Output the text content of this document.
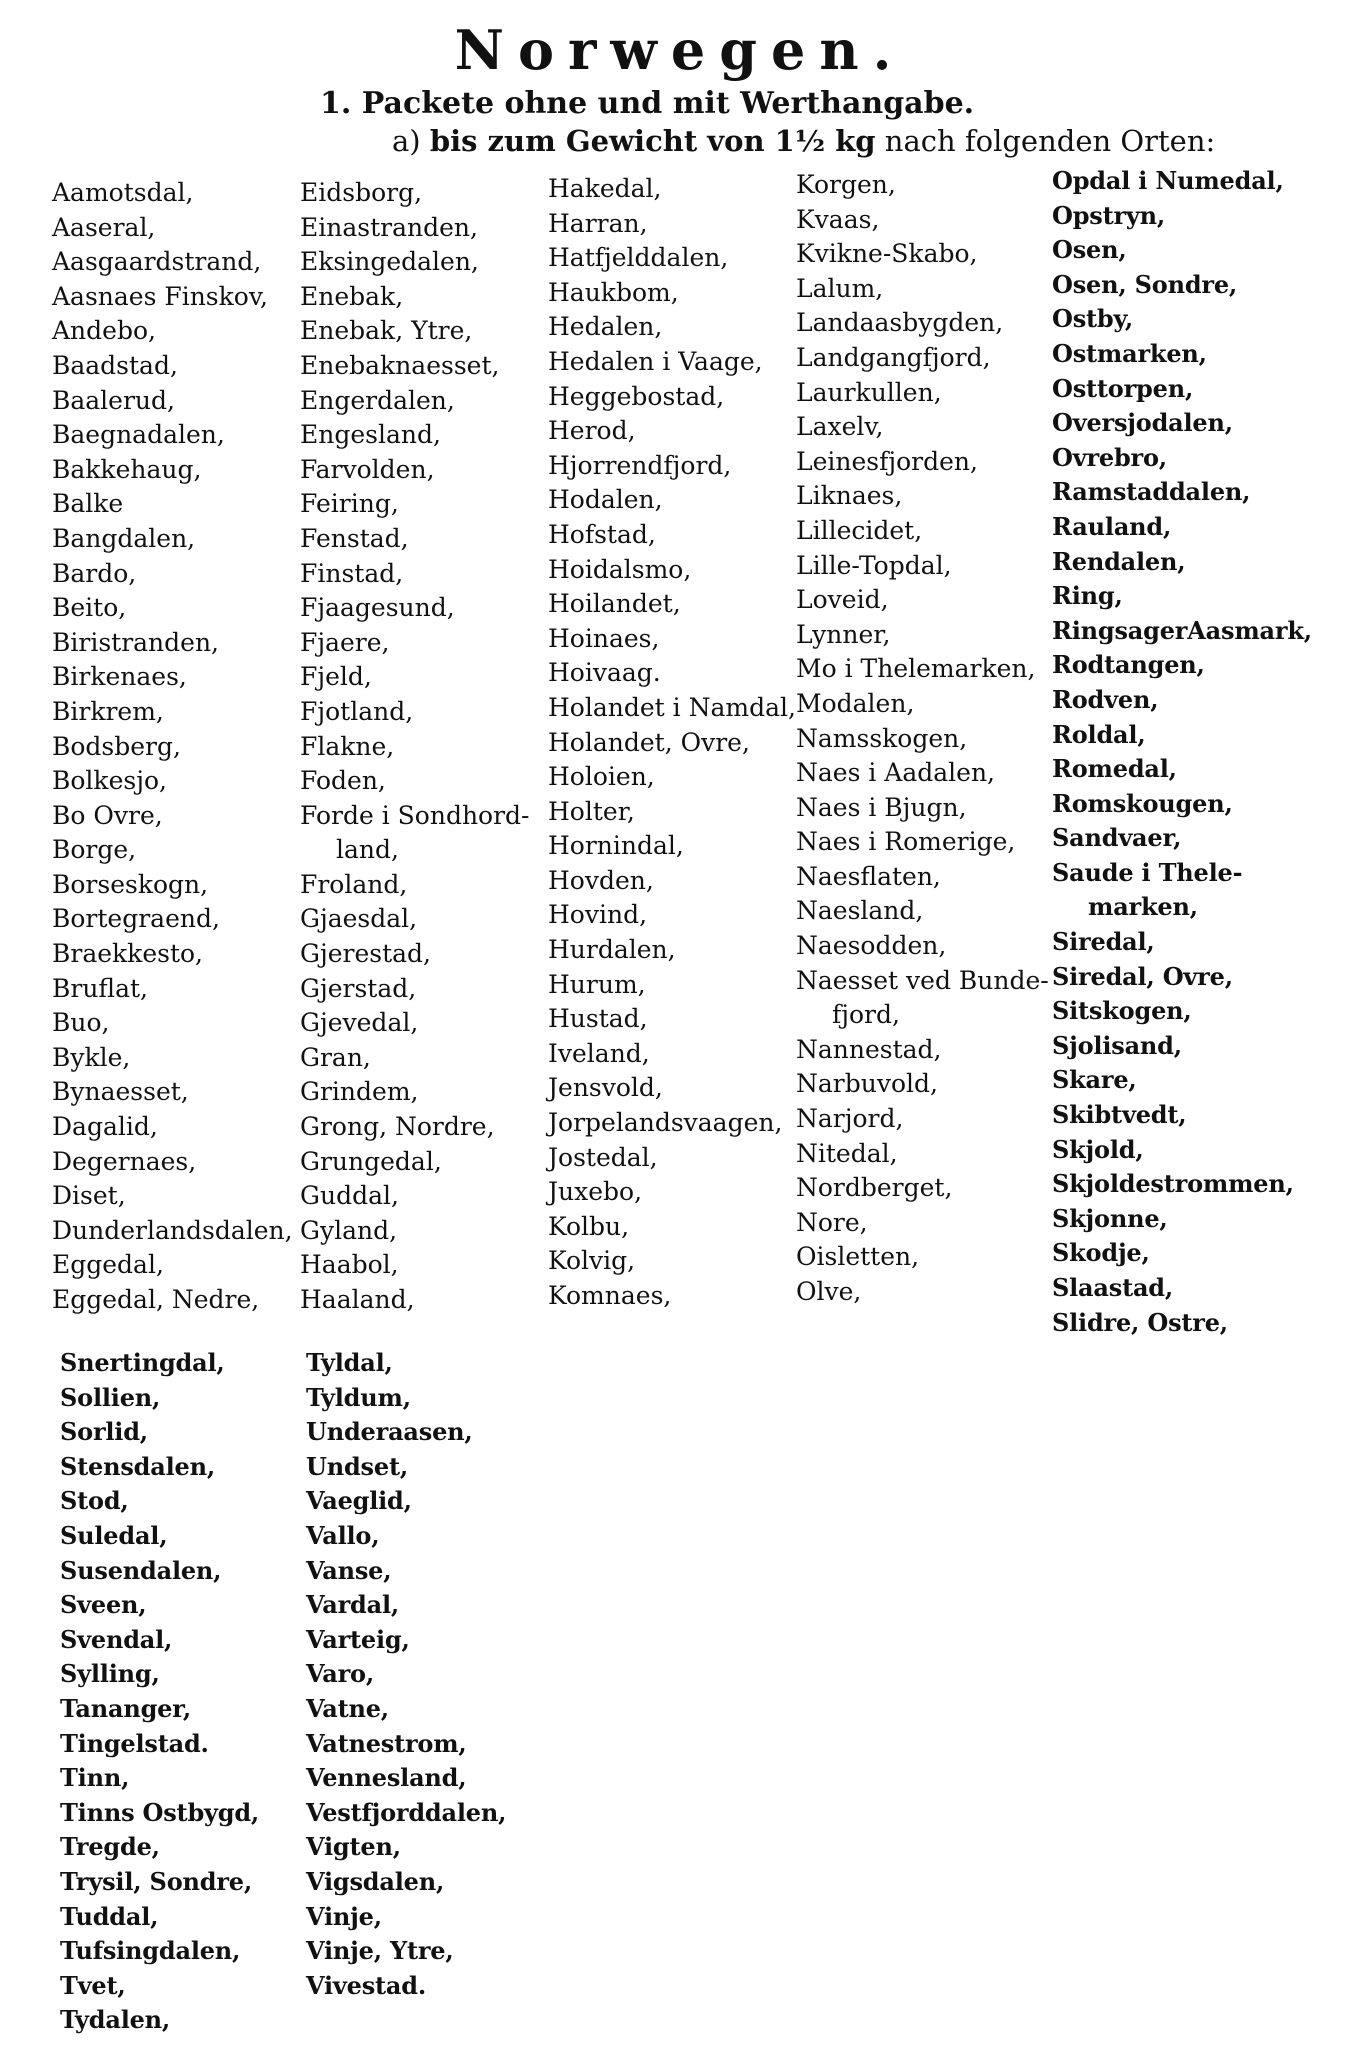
Norwegen.
1. Packete ohne und mit Werthangabe.
a) bis zum Gewicht von 1½ kg nach folgenden Orten:
Aamotsdal,
Aaseral,
Aasgaardstrand,
Aasnaes Finskov,
Andebo,
Baadstad,
Baalerud,
Baegnadalen,
Bakkehaug,
Balke
Bangdalen,
Bardo,
Beito,
Biristranden,
Birkenaes,
Birkrem,
Bodsberg,
Bolkesjo,
Bo Ovre,
Borge,
Borseskogn,
Bortegraend,
Braekkesto,
Bruflat,
Buo,
Bykle,
Bynaesset,
Dagalid,
Degernaes,
Diset,
Dunderlandsdalen,
Eggedal,
Eggedal, Nedre,
Eidsborg,
Einastranden,
Eksingedalen,
Enebak,
Enebak, Ytre,
Enebaknaesset,
Engerdalen,
Engesland,
Farvolden,
Feiring,
Fenstad,
Finstad,
Fjaagesund,
Fjaere,
Fjeld,
Fjotland,
Flakne,
Foden,
Forde i Sondhord-
land,
Froland,
Gjaesdal,
Gjerestad,
Gjerstad,
Gjevedal,
Gran,
Grindem,
Grong, Nordre,
Grungedal,
Guddal,
Gyland,
Haabol,
Haaland,
Hakedal,
Harran,
Hatfjelddalen,
Haukbom,
Hedalen,
Hedalen i Vaage,
Heggebostad,
Herod,
Hjorrendfjord,
Hodalen,
Hofstad,
Hoidalsmo,
Hoilandet,
Hoinaes,
Hoivaag.
Holandet i Namdal,
Holandet, Ovre,
Holoien,
Holter,
Hornindal,
Hovden,
Hovind,
Hurdalen,
Hurum,
Hustad,
Iveland,
Jensvold,
Jorpelandsvaagen,
Jostedal,
Juxebo,
Kolbu,
Kolvig,
Komnaes,
Korgen,
Kvaas,
Kvikne-Skabo,
Lalum,
Landaasbygden,
Landgangfjord,
Laurkullen,
Laxelv,
Leinesfjorden,
Liknaes,
Lillecidet,
Lille-Topdal,
Loveid,
Lynner,
Mo i Thelemarken,
Modalen,
Namsskogen,
Naes i Aadalen,
Naes i Bjugn,
Naes i Romerige,
Naesflaten,
Naesland,
Naesodden,
Naesset ved Bunde-
fjord,
Nannestad,
Narbuvold,
Narjord,
Nitedal,
Nordberget,
Nore,
Oisletten,
Olve,
Opdal i Numedal,
Opstryn,
Osen,
Osen, Sondre,
Ostby,
Ostmarken,
Osttorpen,
Oversjodalen,
Ovrebro,
Ramstaddalen,
Rauland,
Rendalen,
Ring,
RingsagerAasmark,
Rodtangen,
Rodven,
Roldal,
Romedal,
Romskougen,
Sandvaer,
Saude i Thele-
marken,
Siredal,
Siredal, Ovre,
Sitskogen,
Sjolisand,
Skare,
Skibtvedt,
Skjold,
Skjoldestrommen,
Skjonne,
Skodje,
Slaastad,
Slidre, Ostre,
Snertingdal,
Sollien,
Sorlid,
Stensdalen,
Stod,
Suledal,
Susendalen,
Sveen,
Svendal,
Sylling,
Tananger,
Tingelstad.
Tinn,
Tinns Ostbygd,
Tregde,
Trysil, Sondre,
Tuddal,
Tufsingdalen,
Tvet,
Tydalen,
Tyldal,
Tyldum,
Underaasen,
Undset,
Vaeglid,
Vallo,
Vanse,
Vardal,
Varteig,
Varo,
Vatne,
Vatnestrom,
Vennesland,
Vestfjorddalen,
Vigten,
Vigsdalen,
Vinje,
Vinje, Ytre,
Vivestad.
